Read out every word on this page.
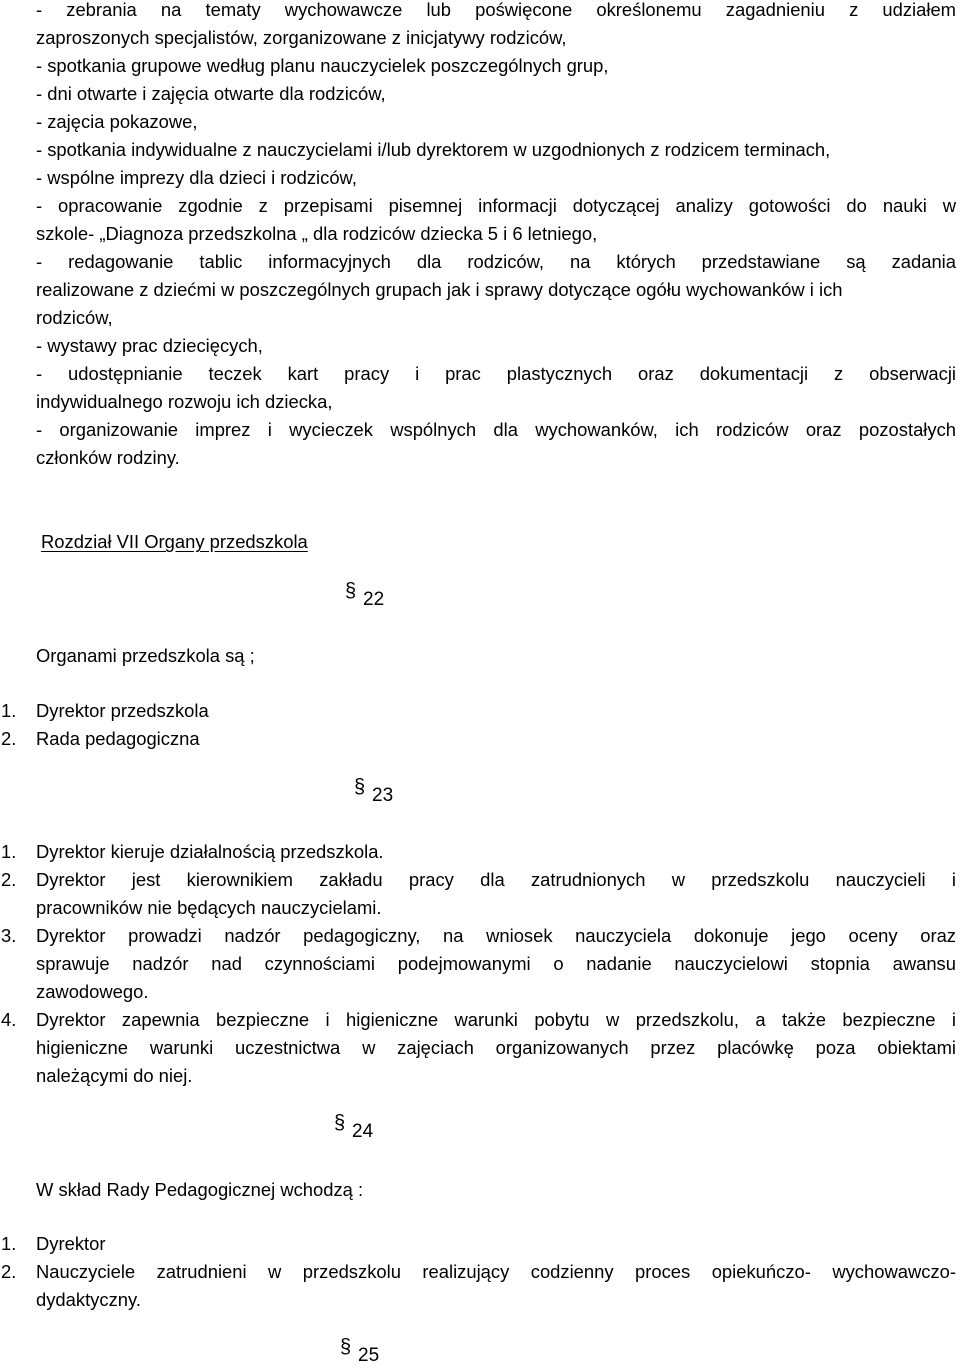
- zebrania na tematy wychowawcze lub poświęcone określonemu zagadnieniu z udziałem
zaproszonych specjalistów, zorganizowane z inicjatywy rodziców,
- spotkania grupowe według planu nauczycielek poszczególnych grup,
- dni otwarte i zajęcia otwarte dla rodziców,
- zajęcia pokazowe,
- spotkania indywidualne z nauczycielami i/lub dyrektorem w uzgodnionych z rodzicem terminach,
- wspólne imprezy dla dzieci i rodziców,
- opracowanie zgodnie z przepisami pisemnej informacji dotyczącej analizy gotowości do nauki w
szkole- „Diagnoza przedszkolna „ dla rodziców dziecka 5 i 6 letniego,
- redagowanie tablic informacyjnych dla rodziców, na których przedstawiane są zadania
realizowane z dziećmi w poszczególnych grupach jak i sprawy dotyczące ogółu wychowanków i ich
rodziców,
- wystawy prac dziecięcych,
- udostępnianie teczek kart pracy i prac plastycznych oraz dokumentacji z obserwacji
indywidualnego rozwoju ich dziecka,
- organizowanie imprez i wycieczek wspólnych dla wychowanków, ich rodziców oraz pozostałych
członków rodziny.
Rozdział VII Organy przedszkola
§ 22
Organami przedszkola są ;
1. Dyrektor przedszkola
2. Rada pedagogiczna
§ 23
1. Dyrektor kieruje działalnością przedszkola.
2. Dyrektor jest kierownikiem zakładu pracy dla zatrudnionych w przedszkolu nauczycieli i
pracowników nie będących nauczycielami.
3. Dyrektor prowadzi nadzór pedagogiczny, na wniosek nauczyciela dokonuje jego oceny oraz
sprawuje nadzór nad czynnościami podejmowanymi o nadanie nauczycielowi stopnia awansu
zawodowego.
4. Dyrektor zapewnia bezpieczne i higieniczne warunki pobytu w przedszkolu, a także bezpieczne i
higieniczne warunki uczestnictwa w zajęciach organizowanych przez placówkę poza obiektami
należącymi do niej.
§ 24
W skład Rady Pedagogicznej wchodzą :
1. Dyrektor
2. Nauczyciele zatrudnieni w przedszkolu realizujący codzienny proces opiekuńczo- wychowawczo-
dydaktyczny.
§ 25
